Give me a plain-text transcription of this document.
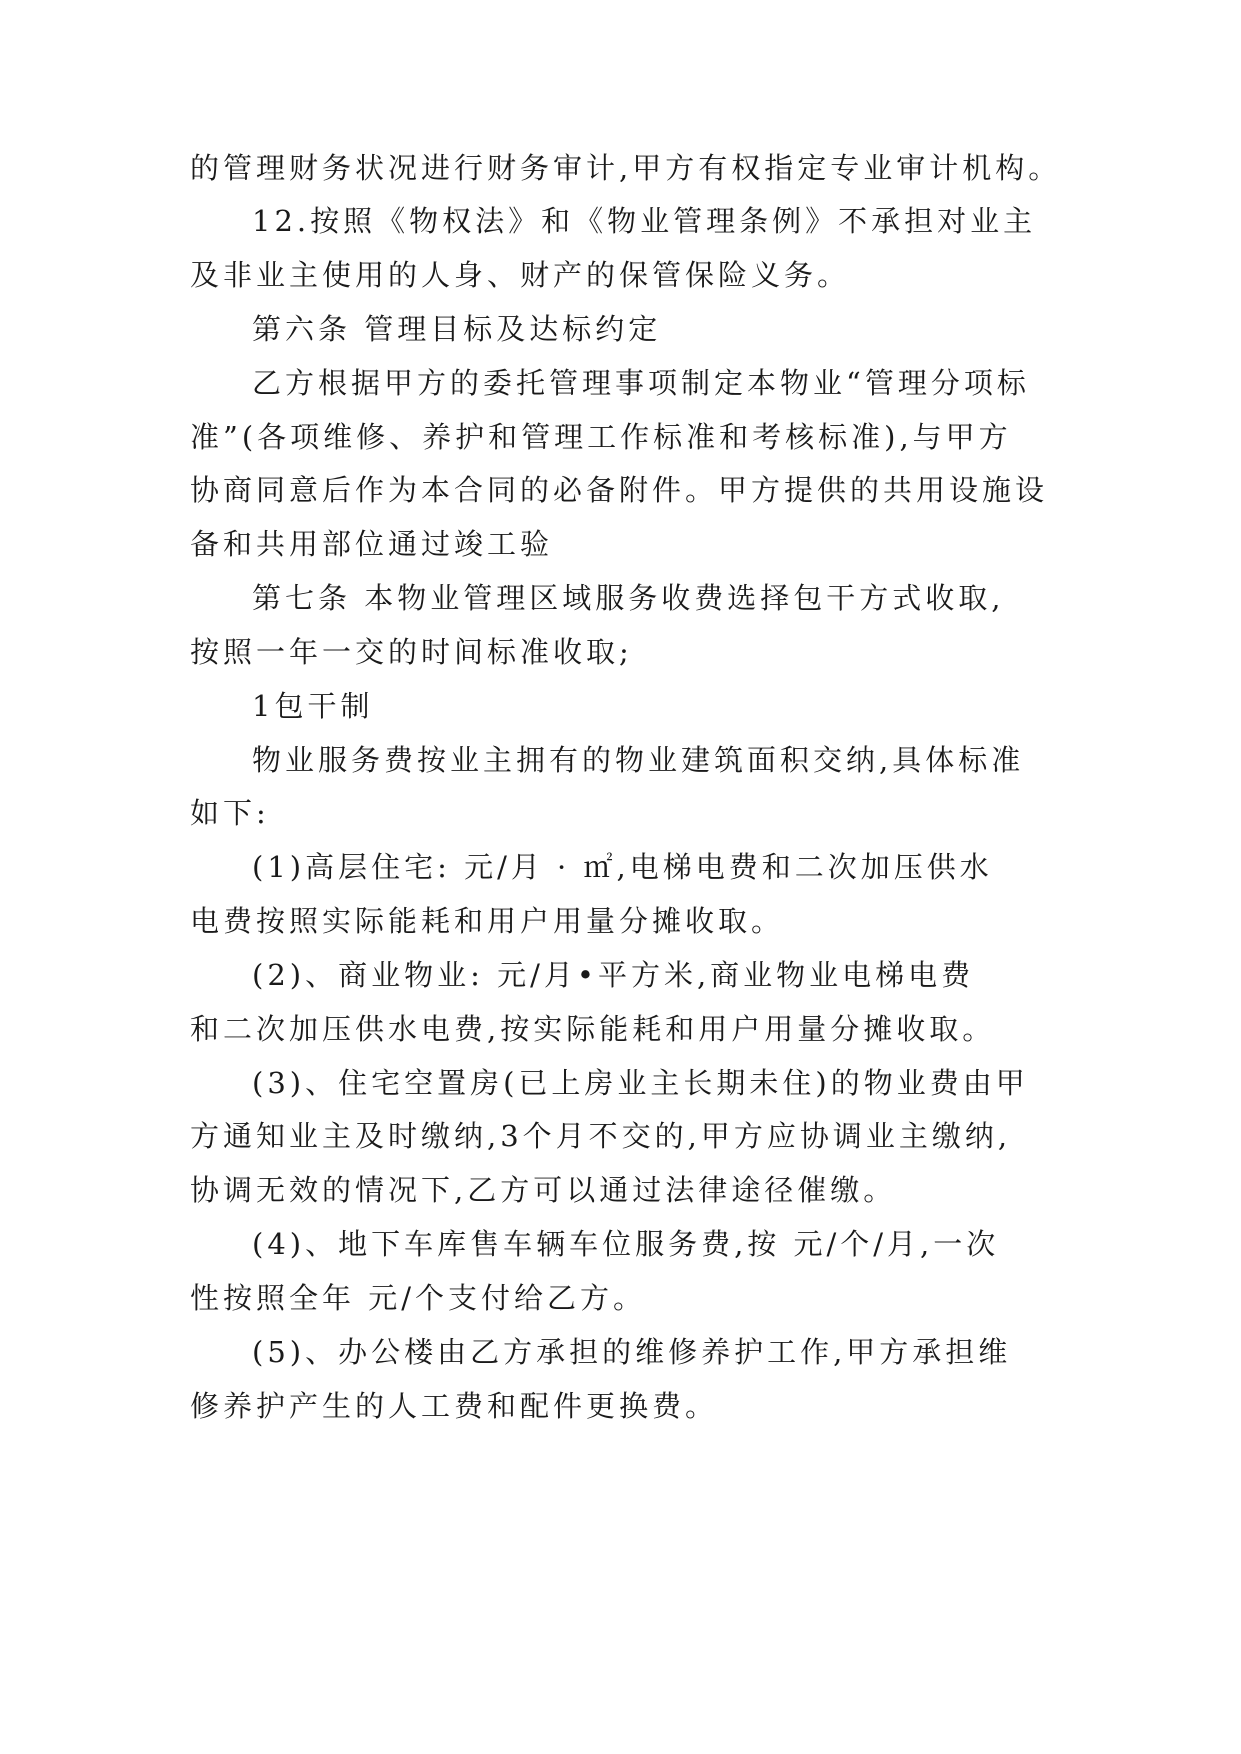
的管理财务状况进行财务审计,甲方有权指定专业审计机构。
12.按照《物权法》和《物业管理条例》不承担对业主
及非业主使用的人身、财产的保管保险义务。
第六条 管理目标及达标约定
乙方根据甲方的委托管理事项制定本物业“管理分项标
准”(各项维修、养护和管理工作标准和考核标准),与甲方
协商同意后作为本合同的必备附件。甲方提供的共用设施设
备和共用部位通过竣工验
第七条 本物业管理区域服务收费选择包干方式收取,
按照一年一交的时间标准收取;
1包干制
物业服务费按业主拥有的物业建筑面积交纳,具体标准
如下:
(1)高层住宅: 元/月 · ㎡,电梯电费和二次加压供水
电费按照实际能耗和用户用量分摊收取。
(2)、商业物业: 元/月•平方米,商业物业电梯电费
和二次加压供水电费,按实际能耗和用户用量分摊收取。
(3)、住宅空置房(已上房业主长期未住)的物业费由甲
方通知业主及时缴纳,3个月不交的,甲方应协调业主缴纳,
协调无效的情况下,乙方可以通过法律途径催缴。
(4)、地下车库售车辆车位服务费,按 元/个/月,一次
性按照全年 元/个支付给乙方。
(5)、办公楼由乙方承担的维修养护工作,甲方承担维
修养护产生的人工费和配件更换费。
